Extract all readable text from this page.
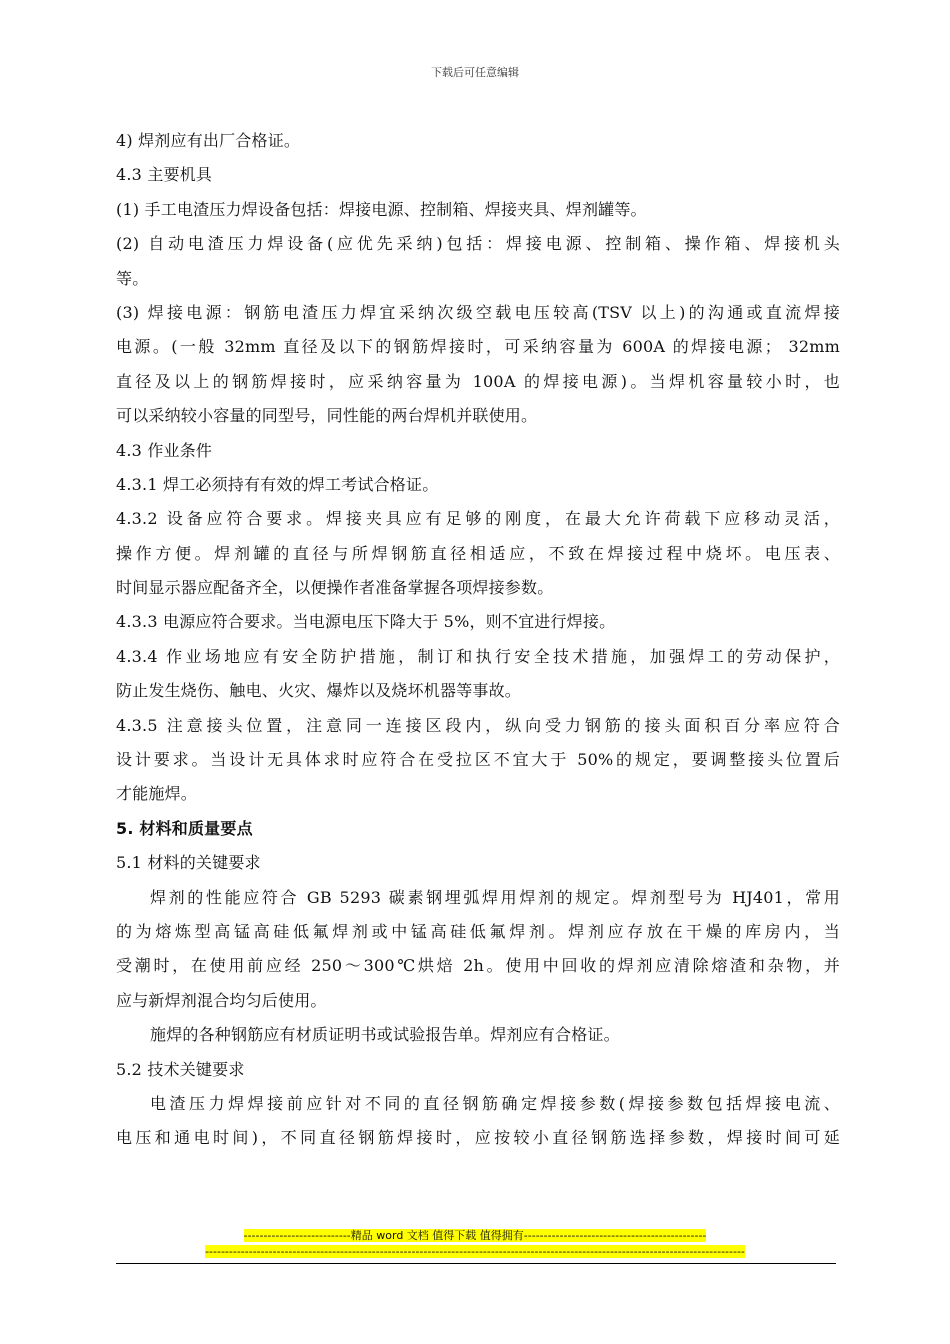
下载后可任意编辑
4) 焊剂应有出厂合格证。
4.3 主要机具
(1) 手工电渣压力焊设备包括：焊接电源、控制箱、焊接夹具、焊剂罐等。
(2) 自动电渣压力焊设备(应优先采纳)包括：焊接电源、控制箱、操作箱、焊接机头
等。
(3) 焊接电源：钢筋电渣压力焊宜采纳次级空载电压较高(TSV 以上)的沟通或直流焊接
电源。(一般 32mm 直径及以下的钢筋焊接时，可采纳容量为 600A 的焊接电源； 32mm
直径及以上的钢筋焊接时，应采纳容量为 100A 的焊接电源)。当焊机容量较小时，也
可以采纳较小容量的同型号，同性能的两台焊机并联使用。
4.3 作业条件
4.3.1 焊工必须持有有效的焊工考试合格证。
4.3.2 设备应符合要求。焊接夹具应有足够的刚度，在最大允许荷载下应移动灵活，
操作方便。焊剂罐的直径与所焊钢筋直径相适应，不致在焊接过程中烧坏。电压表、
时间显示器应配备齐全，以便操作者准备掌握各项焊接参数。
4.3.3 电源应符合要求。当电源电压下降大于 5%，则不宜进行焊接。
4.3.4 作业场地应有安全防护措施，制订和执行安全技术措施，加强焊工的劳动保护，
防止发生烧伤、触电、火灾、爆炸以及烧坏机器等事故。
4.3.5 注意接头位置，注意同一连接区段内，纵向受力钢筋的接头面积百分率应符合
设计要求。当设计无具体求时应符合在受拉区不宜大于 50%的规定，要调整接头位置后
才能施焊。
5. 材料和质量要点
5.1 材料的关键要求
焊剂的性能应符合 GB 5293 碳素钢埋弧焊用焊剂的规定。焊剂型号为 HJ401，常用
的为熔炼型高锰高硅低氟焊剂或中锰高硅低氟焊剂。焊剂应存放在干燥的库房内，当
受潮时，在使用前应经 250～300℃烘焙 2h。使用中回收的焊剂应清除熔渣和杂物，并
应与新焊剂混合均匀后使用。
施焊的各种钢筋应有材质证明书或试验报告单。焊剂应有合格证。
5.2 技术关键要求
电渣压力焊焊接前应针对不同的直径钢筋确定焊接参数(焊接参数包括焊接电流、
电压和通电时间)，不同直径钢筋焊接时，应按较小直径钢筋选择参数，焊接时间可延
---------------------------精品 word 文档 值得下载 值得拥有----------------------------------------------
----------------------------------------------------------------------------------------------------------------------------------------
